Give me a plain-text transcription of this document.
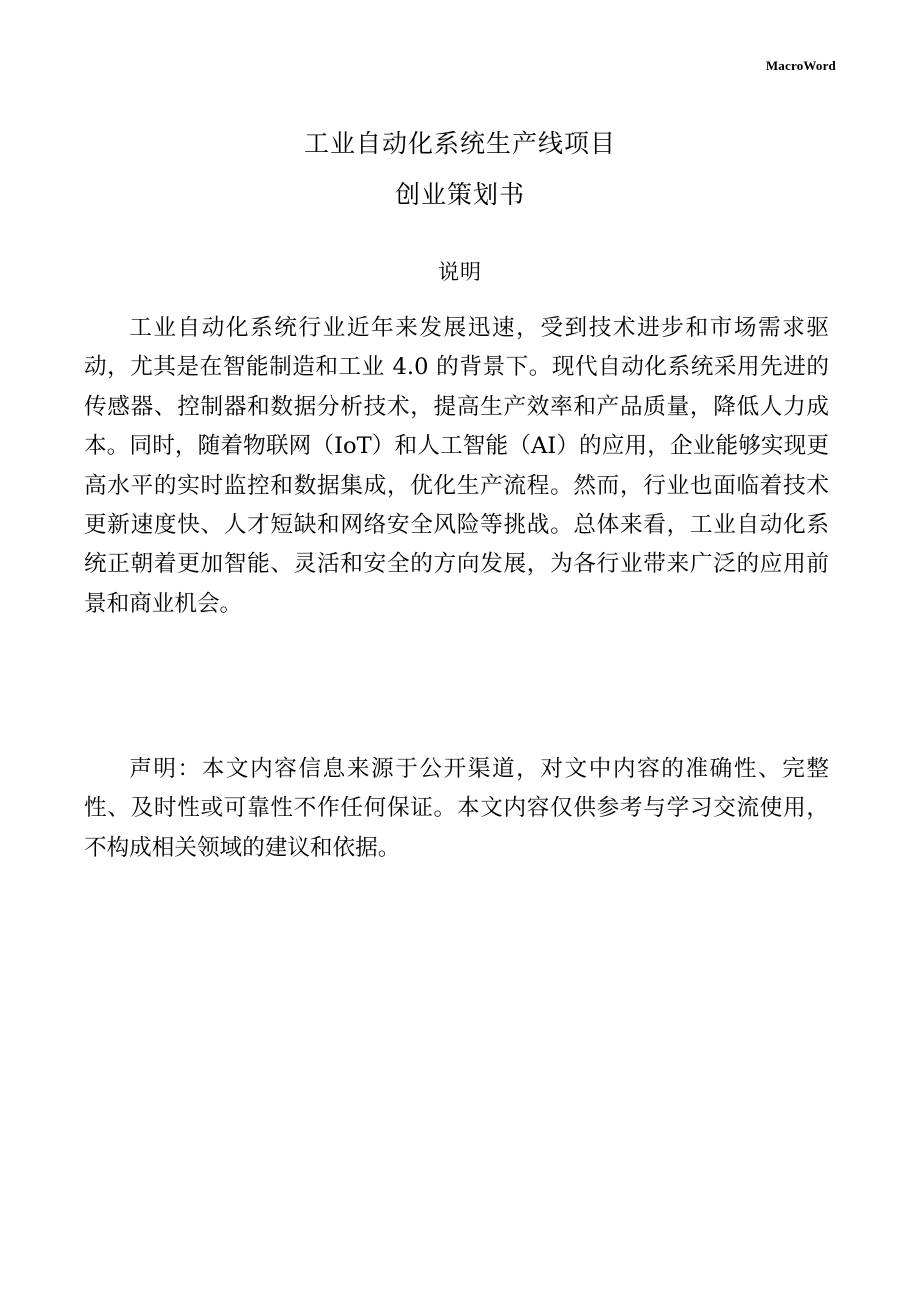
MacroWord
工业自动化系统生产线项目
创业策划书
说明

工业自动化系统行业近年来发展迅速，受到技术进步和市场需求驱动，尤其是在智能制造和工业 4.0 的背景下。现代自动化系统采用先进的传感器、控制器和数据分析技术，提高生产效率和产品质量，降低人力成本。同时，随着物联网（IoT）和人工智能（AI）的应用，企业能够实现更高水平的实时监控和数据集成，优化生产流程。然而，行业也面临着技术更新速度快、人才短缺和网络安全风险等挑战。总体来看，工业自动化系统正朝着更加智能、灵活和安全的方向发展，为各行业带来广泛的应用前景和商业机会。

声明：本文内容信息来源于公开渠道，对文中内容的准确性、完整性、及时性或可靠性不作任何保证。本文内容仅供参考与学习交流使用，不构成相关领域的建议和依据。
